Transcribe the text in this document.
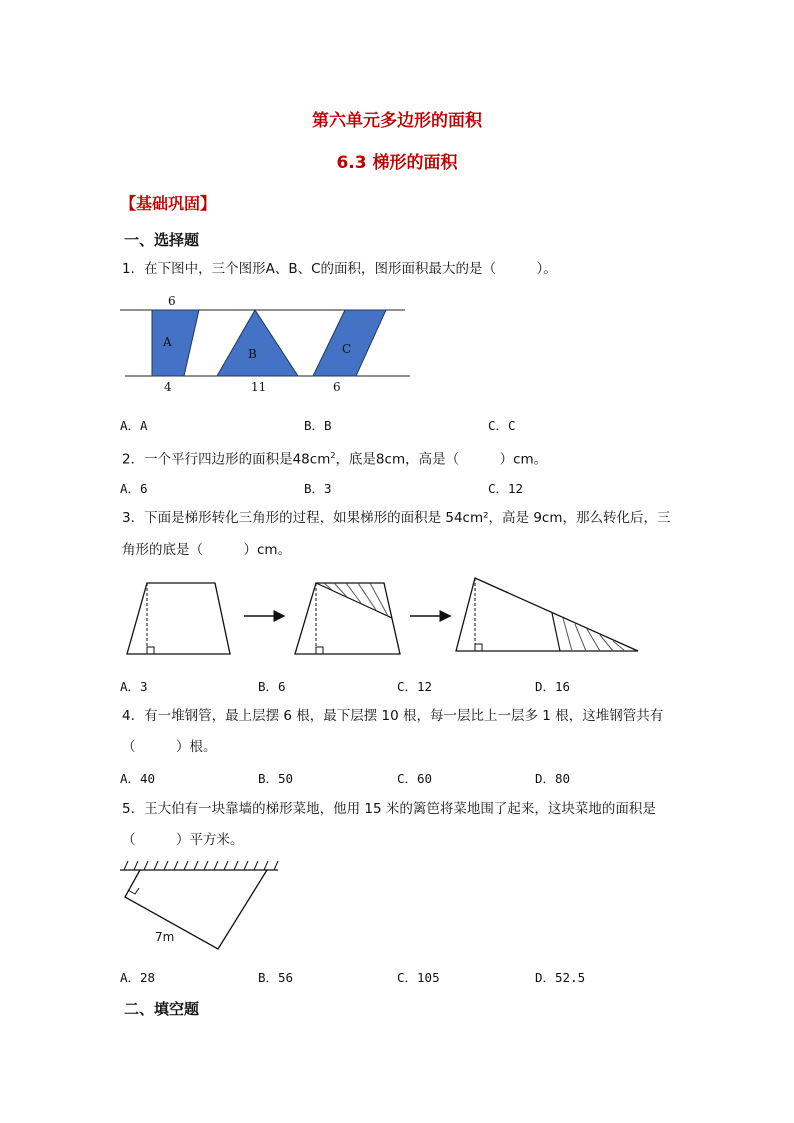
第六单元多边形的面积
6.3 梯形的面积
【基础巩固】
一、选择题
1．在下图中，三个图形A、B、C的面积，图形面积最大的是（　　　）。
6
A
B	C
4	11	6
A．A	B．B	C．C
2．一个平行四边形的面积是$48cm^2$，底是8cm，高是（　　　）cm。
A．6	B．3	C．12
3．下面是梯形转化三角形的过程，如果梯形的面积是 54cm²，高是 9cm，那么转化后，三
角形的底是（　　　）cm。
A．3	B．6	C．12	D．16
4．有一堆钢管，最上层摆 6 根，最下层摆 10 根，每一层比上一层多 1 根，这堆钢管共有
（　　　）根。
A．40	B．50	C．60	D．80
5．王大伯有一块靠墙的梯形菜地，他用 15 米的篱笆将菜地围了起来，这块菜地的面积是
（　　　）平方米。
7m
A．28	B．56	C．105	D．52.5
二、填空题
